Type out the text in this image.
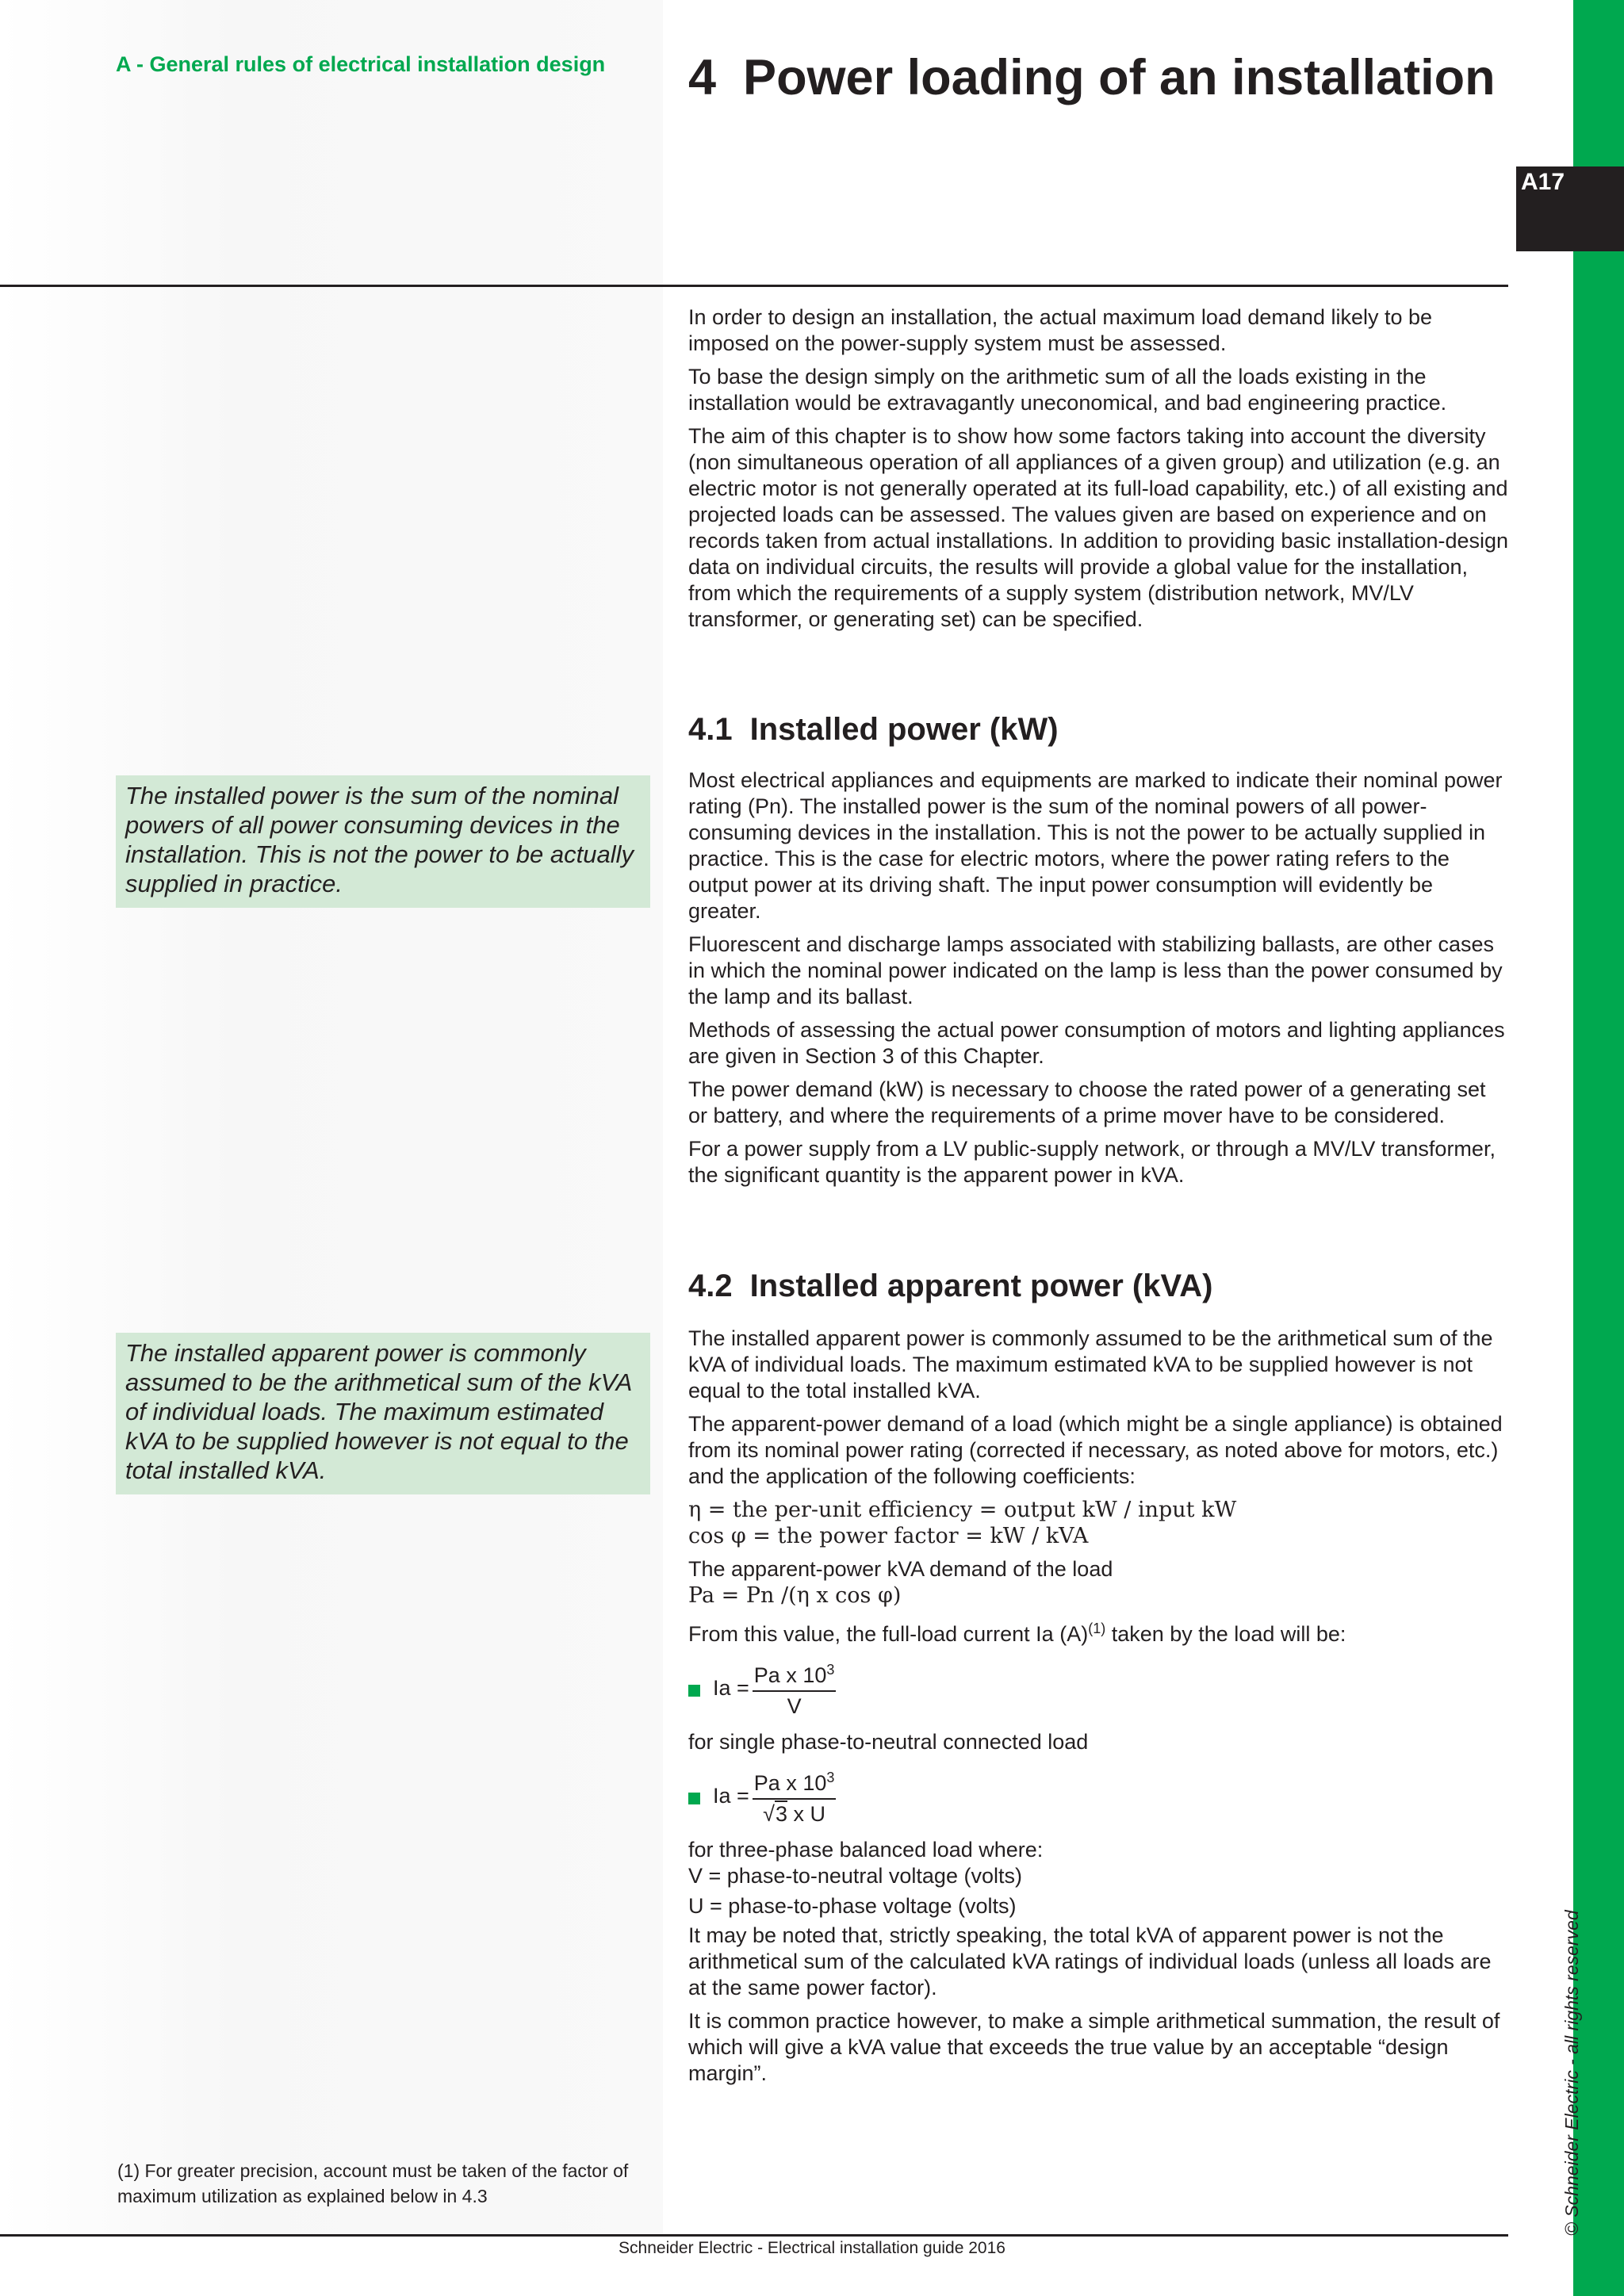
A17
© Schneider Electric - all rights reserved
A - General rules of electrical installation design 4 Power loading of an installation

In order to design an installation, the actual maximum load demand likely to be imposed on the power-supply system must be assessed.

To base the design simply on the arithmetic sum of all the loads existing in the installation would be extravagantly uneconomical, and bad engineering practice.

The aim of this chapter is to show how some factors taking into account the diversity (non simultaneous operation of all appliances of a given group) and utilization (e.g. an electric motor is not generally operated at its full-load capability, etc.) of all existing and projected loads can be assessed. The values given are based on experience and on records taken from actual installations. In addition to providing basic installation-design data on individual circuits, the results will provide a global value for the installation, from which the requirements of a supply system (distribution network, MV/LV transformer, or generating set) can be specified.

4.1 Installed power (kW)

Most electrical appliances and equipments are marked to indicate their nominal power rating (Pn). The installed power is the sum of the nominal powers of all power-consuming devices in the installation. This is not the power to be actually supplied in practice. This is the case for electric motors, where the power rating refers to the output power at its driving shaft. The input power consumption will evidently be greater.

Fluorescent and discharge lamps associated with stabilizing ballasts, are other cases in which the nominal power indicated on the lamp is less than the power consumed by the lamp and its ballast.

Methods of assessing the actual power consumption of motors and lighting appliances are given in Section 3 of this Chapter.

The power demand (kW) is necessary to choose the rated power of a generating set or battery, and where the requirements of a prime mover have to be considered.

For a power supply from a LV public-supply network, or through a MV/LV transformer, the significant quantity is the apparent power in kVA.

The installed power is the sum of the nominal powers of all power consuming devices in the installation. This is not the power to be actually supplied in practice.
4.2 Installed apparent power (kVA)

The installed apparent power is commonly assumed to be the arithmetical sum of the kVA of individual loads. The maximum estimated kVA to be supplied however is not equal to the total installed kVA.

The apparent-power demand of a load (which might be a single appliance) is obtained from its nominal power rating (corrected if necessary, as noted above for motors, etc.) and the application of the following coefficients:

η = the per-unit efficiency = output kW / input kW

cos φ = the power factor = kW / kVA

The apparent-power kVA demand of the load

Pa = Pn /(η x cos φ)

From this value, the full-load current Ia $(A)^{(1)}$ taken by the load will be:

$Ia = \frac{Pa x 10^3}{V}$

for single phase-to-neutral connected load

$Ia = \frac{Pa x 10^3}{\text{√3 x U}}$

for three-phase balanced load where:

V = phase-to-neutral voltage (volts)

U = phase-to-phase voltage (volts)

It may be noted that, strictly speaking, the total kVA of apparent power is not the arithmetical sum of the calculated kVA ratings of individual loads (unless all loads are at the same power factor).

It is common practice however, to make a simple arithmetical summation, the result of which will give a kVA value that exceeds the true value by an acceptable “design margin”.

The installed apparent power is commonly assumed to be the arithmetical sum of the kVA of individual loads. The maximum estimated kVA to be supplied however is not equal to the total installed kVA.
(1) For greater precision, account must be taken of the factor of maximum utilization as explained below in 4.3
Schneider Electric - Electrical installation guide 2016
